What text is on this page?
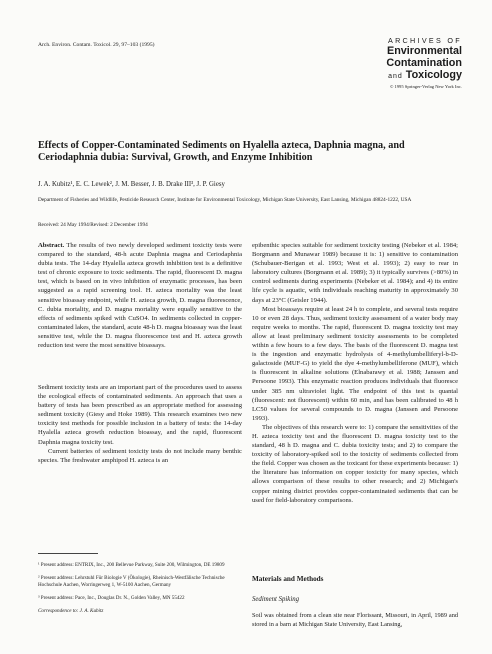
Arch. Environ. Contam. Toxicol. 29, 97–103 (1995)	ARCHIVES OF
Environmental
Contamination
and Toxicology
© 1995 Springer-Verlag New York Inc.
Effects of Copper-Contaminated Sediments on Hyalella azteca, Daphnia magna, and Ceriodaphnia dubia: Survival, Growth, and Enzyme Inhibition
J. A. Kubitz¹, E. C. Lewek², J. M. Besser, J. B. Drake III³, J. P. Giesy
Department of Fisheries and Wildlife, Pesticide Research Center, Institute for Environmental Toxicology, Michigan State University, East Lansing, Michigan 48824-1222, USA
Received: 24 May 1994/Revised: 2 December 1994

Abstract. The results of two newly developed sediment toxicity tests were compared to the standard, 48-h acute Daphnia magna and Ceriodaphnia dubia tests. The 14-day Hyalella azteca growth inhibition test is a definitive test of chronic exposure to toxic sediments. The rapid, fluorescent D. magna test, which is based on in vivo inhibition of enzymatic processes, has been suggested as a rapid screening tool. H. azteca mortality was the least sensitive bioassay endpoint, while H. azteca growth, D. magna fluorescence, C. dubia mortality, and D. magna mortality were equally sensitive to the effects of sediments spiked with CuSO4. In sediments collected in copper-contaminated lakes, the standard, acute 48-h D. magna bioassay was the least sensitive test, while the D. magna fluorescence test and H. azteca growth reduction test were the most sensitive bioassays.

Sediment toxicity tests are an important part of the procedures used to assess the ecological effects of contaminated sediments. An approach that uses a battery of tests has been prescribed as an appropriate method for assessing sediment toxicity (Giesy and Hoke 1989). This research examines two new toxicity test methods for possible inclusion in a battery of tests: the 14-day Hyalella azteca growth reduction bioassay, and the rapid, fluorescent Daphnia magna toxicity test.

Current batteries of sediment toxicity tests do not include many benthic species. The freshwater amphipod H. azteca is an

¹ Present address: ENTRIX, Inc., 200 Bellevue Parkway, Suite 200, Wilmington, DE 19809

² Present address: Lehrstuhl Für Biologie V (Ökologie), Rheinisch-Westfälische Technische Hochschule Aachen, Worringerweg 1, W-5100 Aachen, Germany

³ Present address: Pace, Inc., Douglas Dr. N., Golden Valley, MN 55422

Correspondence to: J. A. Kubitz

epibenthic species suitable for sediment toxicity testing (Nebeker et al. 1984; Borgmann and Munawar 1989) because it is: 1) sensitive to contamination (Schubauer-Berigan et al. 1993; West et al. 1993); 2) easy to rear in laboratory cultures (Borgmann et al. 1989); 3) it typically survives (>80%) in control sediments during experiments (Nebeker et al. 1984); and 4) its entire life cycle is aquatic, with individuals reaching maturity in approximately 30 days at 23°C (Geisler 1944).

Most bioassays require at least 24 h to complete, and several tests require 10 or even 28 days. Thus, sediment toxicity assessment of a water body may require weeks to months. The rapid, fluorescent D. magna toxicity test may allow at least preliminary sediment toxicity assessments to be completed within a few hours to a few days. The basis of the fluorescent D. magna test is the ingestion and enzymatic hydrolysis of 4-methylumbelliferyl-b-D-galactoside (MUF-G) to yield the dye 4-methylumbelliferone (MUF), which is fluorescent in alkaline solutions (Elnabarawy et al. 1988; Janssen and Persoone 1993). This enzymatic reaction produces individuals that fluoresce under 385 nm ultraviolet light. The endpoint of this test is quantal (fluorescent: not fluorescent) within 60 min, and has been calibrated to 48 h LC50 values for several compounds to D. magna (Janssen and Persoone 1993).

The objectives of this research were to: 1) compare the sensitivities of the H. azteca toxicity test and the fluorescent D. magna toxicity test to the standard, 48 h D. magna and C. dubia toxicity tests; and 2) to compare the toxicity of laboratory-spiked soil to the toxicity of sediments collected from the field. Copper was chosen as the toxicant for these experiments because: 1) the literature has information on copper toxicity for many species, which allows comparison of these results to other research; and 2) Michigan's copper mining district provides copper-contaminated sediments that can be used for field-laboratory comparisons.

Materials and Methods
Sediment Spiking

Soil was obtained from a clean site near Florissant, Missouri, in April, 1989 and stored in a barn at Michigan State University, East Lansing,
